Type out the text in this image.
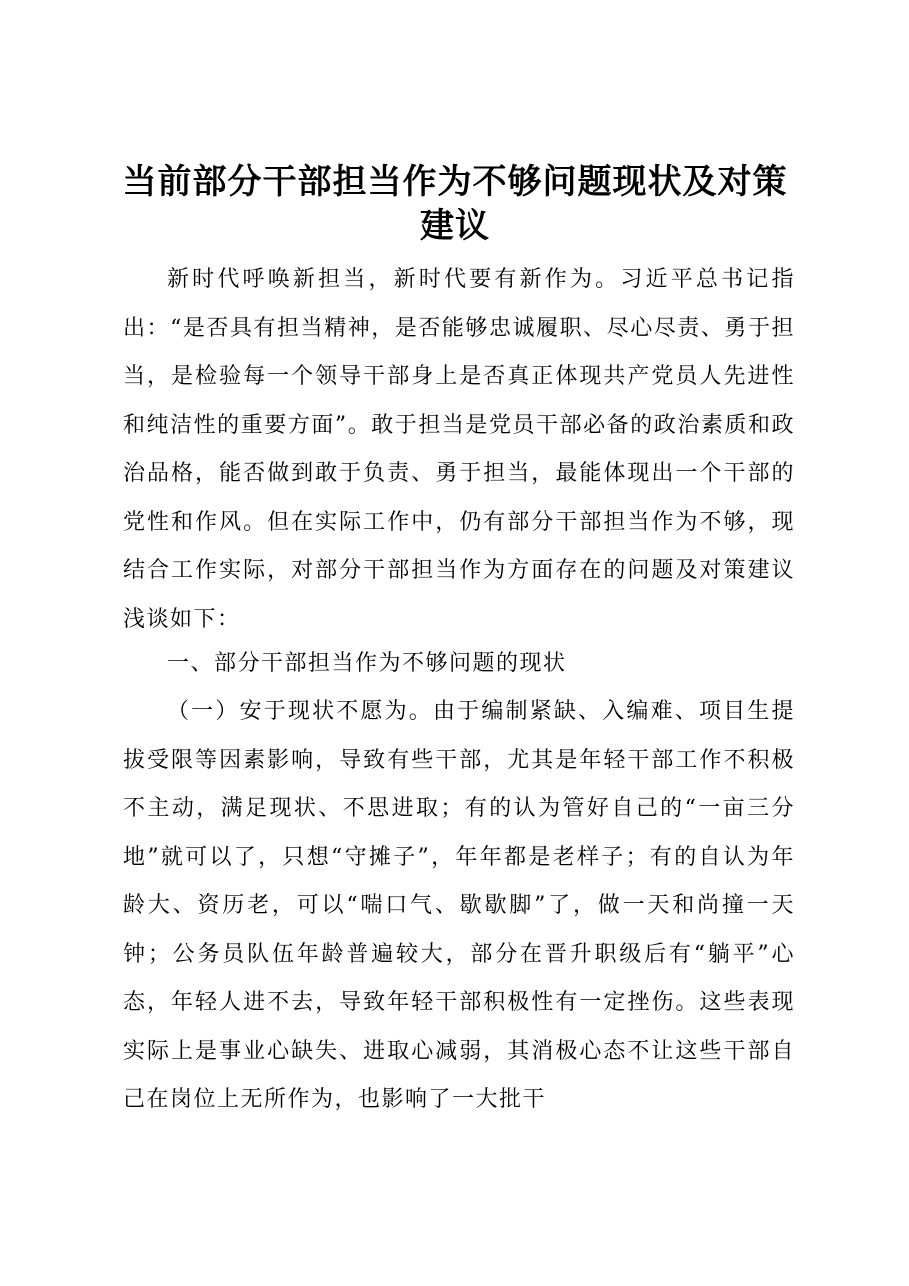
当前部分干部担当作为不够问题现状及对策建议

新时代呼唤新担当，新时代要有新作为。习近平总书记指出：“是否具有担当精神，是否能够忠诚履职、尽心尽责、勇于担当，是检验每一个领导干部身上是否真正体现共产党员人先进性和纯洁性的重要方面”。敢于担当是党员干部必备的政治素质和政治品格，能否做到敢于负责、勇于担当，最能体现出一个干部的党性和作风。但在实际工作中，仍有部分干部担当作为不够，现结合工作实际，对部分干部担当作为方面存在的问题及对策建议浅谈如下：

一、部分干部担当作为不够问题的现状

（一）安于现状不愿为。由于编制紧缺、入编难、项目生提拔受限等因素影响，导致有些干部，尤其是年轻干部工作不积极不主动，满足现状、不思进取；有的认为管好自己的“一亩三分地”就可以了，只想“守摊子”，年年都是老样子；有的自认为年龄大、资历老，可以“喘口气、歇歇脚”了，做一天和尚撞一天钟；公务员队伍年龄普遍较大，部分在晋升职级后有“躺平”心态，年轻人进不去，导致年轻干部积极性有一定挫伤。这些表现实际上是事业心缺失、进取心减弱，其消极心态不让这些干部自己在岗位上无所作为，也影响了一大批干
